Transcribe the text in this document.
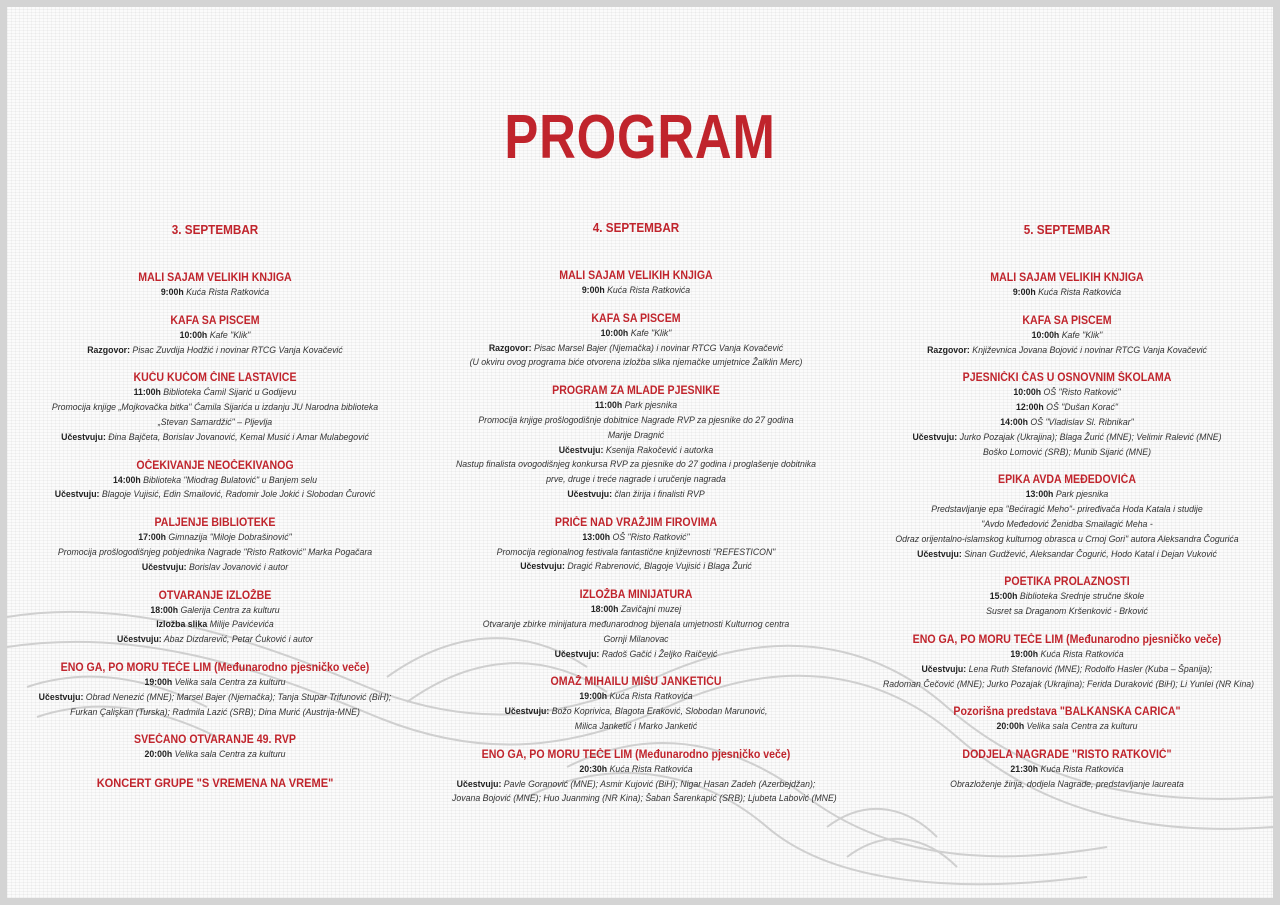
PROGRAM
3. SEPTEMBAR
MALI SAJAM VELIKIH KNJIGA
9:00h Kuća Rista Ratkovića
KAFA SA PISCEM
10:00h Kafe "Klik"
Razgovor: Pisac Zuvdija Hodžić i novinar RTCG Vanja Kovačević
KUĆU KUĆOM ČINE LASTAVICE
11:00h Biblioteka Ćamil Sijarić u Godijevu
Promocija knjige „Mojkovačka bitka" Ćamila Sijarića u izdanju JU Narodna biblioteka
„Stevan Samardžić" – Pljevlja
Učestvuju: Đina Bajčeta, Borislav Jovanović, Kemal Musić i Amar Mulabegović
OČEKIVANJE NEOČEKIVANOG
14:00h Biblioteka "Miodrag Bulatović" u Banjem selu
Učestvuju: Blagoje Vujisić, Edin Smailović, Radomir Jole Jokić i Slobodan Čurović
PALJENJE BIBLIOTEKE
17:00h Gimnazija "Miloje Dobrašinović"
Promocija prošlogodišnjeg pobjednika Nagrade "Risto Ratković" Marka Pogačara
Učestvuju: Borislav Jovanović i autor
OTVARANJE IZLOŽBE
18:00h Galerija Centra za kulturu
Izložba slika Milije Pavićevića
Učestvuju: Abaz Dizdarević, Petar Ćuković i autor
ENO GA, PO MORU TEČE LIM (Međunarodno pjesničko veče)
19:00h Velika sala Centra za kulturu
Učestvuju: Obrad Nenezić (MNE); Marsel Bajer (Njemačka); Tanja Stupar Trifunović (BiH);
Furkan Çalişkan (Turska); Radmila Lazić (SRB); Dina Murić (Austrija-MNE)
SVEČANO OTVARANJE 49. RVP
20:00h Velika sala Centra za kulturu
KONCERT GRUPE "S VREMENA NA VREME"
4. SEPTEMBAR
MALI SAJAM VELIKIH KNJIGA
9:00h Kuća Rista Ratkovića
KAFA SA PISCEM
10:00h Kafe "Klik"
Razgovor: Pisac Marsel Bajer (Njemačka) i novinar RTCG Vanja Kovačević
(U okviru ovog programa biće otvorena izložba slika njemačke umjetnice Žalklin Merc)
PROGRAM ZA MLADE PJESNIKE
11:00h Park pjesnika
Promocija knjige prošlogodišnje dobitnice Nagrade RVP za pjesnike do 27 godina
Marije Dragnić
Učestvuju: Ksenija Rakočević i autorka
Nastup finalista ovogodišnjeg konkursa RVP za pjesnike do 27 godina i proglašenje dobitnika
prve, druge i treće nagrade i uručenje nagrada
Učestvuju: član žirija i finalisti RVP
PRIČE NAD VRAŽJIM FIROVIMA
13:00h OŠ "Risto Ratković"
Promocija regionalnog festivala fantastične književnosti "REFESTICON"
Učestvuju: Dragić Rabrenović, Blagoje Vujisić i Blaga Žurić
IZLOŽBA MINIJATURA
18:00h Zavičajni muzej
Otvaranje zbirke minijatura međunarodnog bijenala umjetnosti Kulturnog centra
Gornji Milanovac
Učestvuju: Radoš Gačić i Željko Raičević
OMAŽ MIHAILU MIŠU JANKETIĆU
19:00h Kuća Rista Ratkovića
Učestvuju: Božo Koprivica, Blagota Eraković, Slobodan Marunović,
Milica Janketić i Marko Janketić
ENO GA, PO MORU TEČE LIM (Međunarodno pjesničko veče)
20:30h Kuća Rista Ratkovića
Učestvuju: Pavle Goranović (MNE); Asmir Kujović (BiH); Nigar Hasan Zadeh (Azerbejdžan);
Jovana Bojović (MNE); Huo Juanming (NR Kina); Šaban Šarenkapić (SRB); Ljubeta Labović (MNE)
5. SEPTEMBAR
MALI SAJAM VELIKIH KNJIGA
9:00h Kuća Rista Ratkovića
KAFA SA PISCEM
10:00h Kafe "Klik"
Razgovor: Književnica Jovana Bojović i novinar RTCG Vanja Kovačević
PJESNIČKI ČAS U OSNOVNIM ŠKOLAMA
10:00h OŠ "Risto Ratković"
12:00h OŠ "Dušan Korać"
14:00h OŠ "Vladislav Sl. Ribnikar"
Učestvuju: Jurko Pozajak (Ukrajina); Blaga Žurić (MNE); Velimir Ralević (MNE)
Boško Lomović (SRB); Munib Sijarić (MNE)
EPIKA AVDA MEĐEDOVIĆA
13:00h Park pjesnika
Predstavljanje epa "Bećiragić Meho"- priređivača Hoda Katala i studije
"Avdo Međedović Ženidba Smailagić Meha -
Odraz orijentalno-islamskog kulturnog obrasca u Crnoj Gori" autora Aleksandra Čogurića
Učestvuju: Sinan Gudžević, Aleksandar Čogurić, Hodo Katal i Dejan Vuković
POETIKA PROLAZNOSTI
15:00h Biblioteka Srednje stručne škole
Susret sa Draganom Kršenković - Brković
ENO GA, PO MORU TEČE LIM (Međunarodno pjesničko veče)
19:00h Kuća Rista Ratkovića
Učestvuju: Lena Ruth Stefanović (MNE); Rodolfo Hasler (Kuba – Španija);
Radoman Čečović (MNE); Jurko Pozajak (Ukrajina); Ferida Duraković (BiH); Li Yunlei (NR Kina)
Pozorišna predstava "BALKANSKA CARICA"
20:00h Velika sala Centra za kulturu
DODJELA NAGRADE "RISTO RATKOVIĆ"
21:30h Kuća Rista Ratkovića
Obrazloženje žirija, dodjela Nagrade, predstavljanje laureata
